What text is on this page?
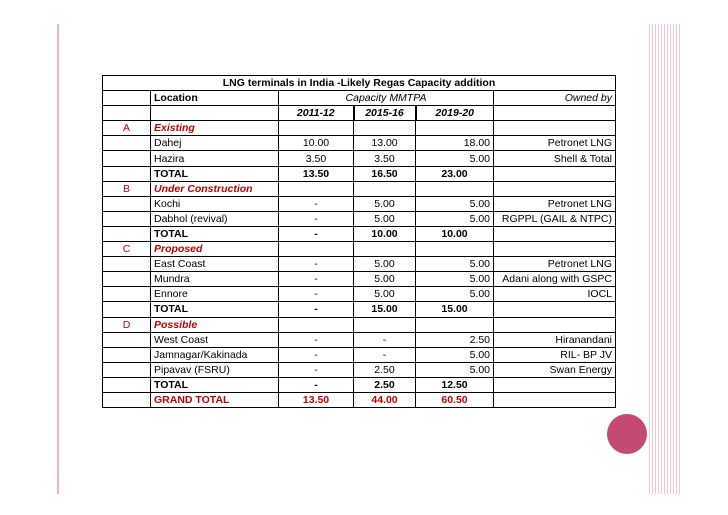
LNG terminals in India -Likely Regas Capacity addition					
	Location	Capacity MMTPA			Owned by
		2011-12	2015-16	2019-20	
A	Existing				
	Dahej	10.00	13.00	18.00	Petronet LNG
	Hazira	3.50	3.50	5.00	Shell & Total
	TOTAL	13.50	16.50	23.00	
B	Under Construction				
	Kochi	-	5.00	5.00	Petronet LNG
	Dabhol (revival)	-	5.00	5.00	RGPPL (GAIL & NTPC)
	TOTAL	-	10.00	10.00	
C	Proposed				
	East Coast	-	5.00	5.00	Petronet LNG
	Mundra	-	5.00	5.00	Adani along with GSPC
	Ennore	-	5.00	5.00	IOCL
	TOTAL	-	15.00	15.00	
D	Possible				
	West Coast	-	-	2.50	Hiranandani
	Jamnagar/Kakinada	-	-	5.00	RIL- BP JV
	Pipavav (FSRU)	-	2.50	5.00	Swan Energy
	TOTAL	-	2.50	12.50	
	GRAND TOTAL	13.50	44.00	60.50	
